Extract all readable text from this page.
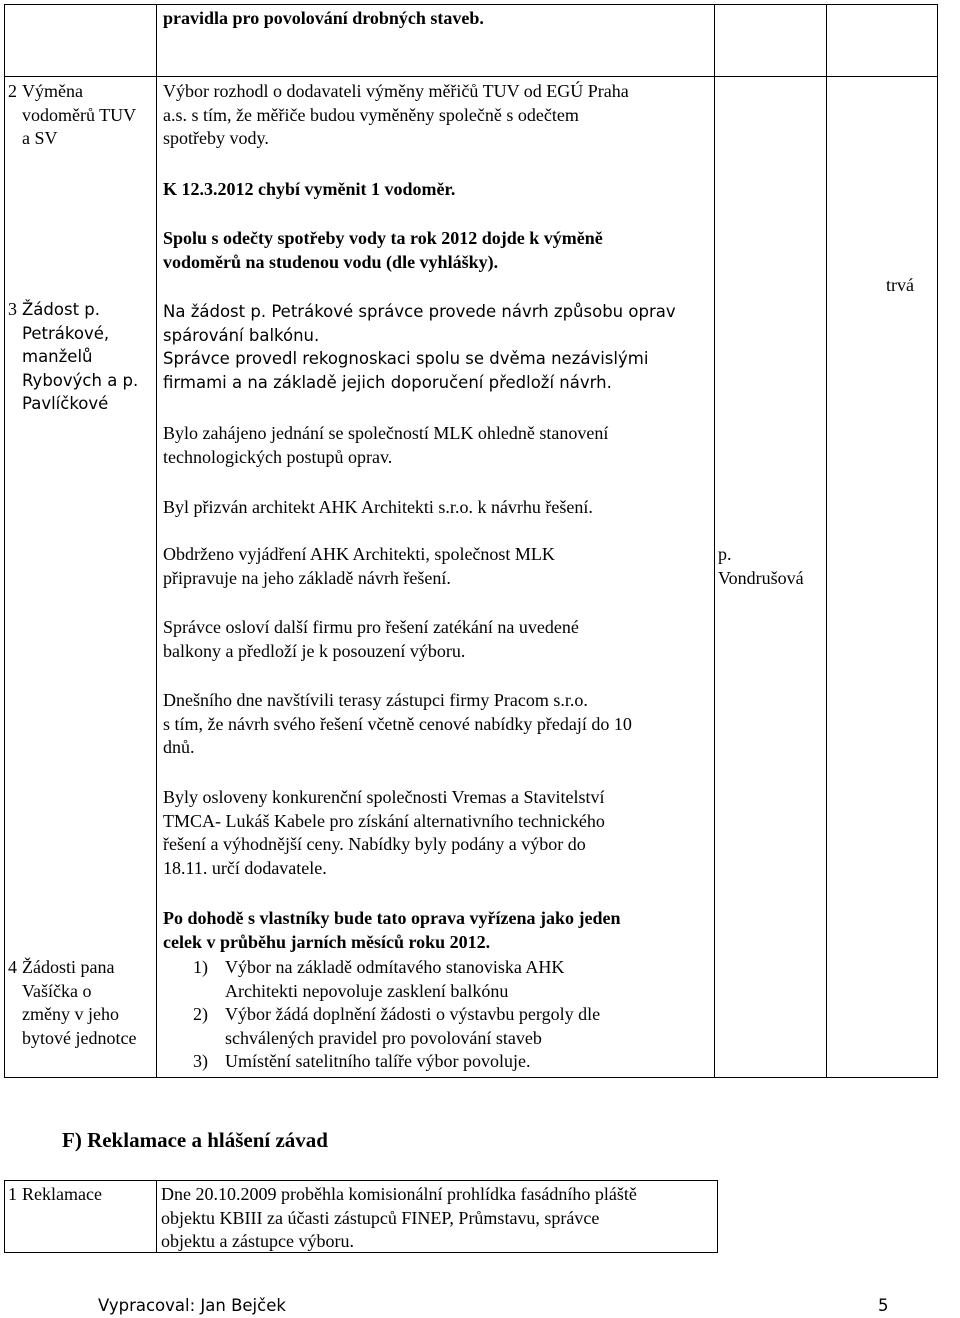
pravidla pro povolování drobných staveb.
2 Výměna
vodoměrů TUV
a SV
Výbor rozhodl o dodavateli výměny měřičů TUV od EGÚ Praha
a.s. s tím, že měřiče budou vyměněny společně s odečtem
spotřeby vody.
K 12.3.2012 chybí vyměnit 1 vodoměr.
Spolu s odečty spotřeby vody ta rok 2012 dojde k výměně
vodoměrů na studenou vodu (dle vyhlášky).
3 Žádost p.
Petrákové,
manželů
Rybových a p.
Pavlíčkové
trvá
Na žádost p. Petrákové správce provede návrh způsobu oprav
spárování balkónu.
Správce provedl rekognoskaci spolu se dvěma nezávislými
firmami a na základě jejich doporučení předloží návrh.
Bylo zahájeno jednání se společností MLK ohledně stanovení
technologických postupů oprav.
Byl přizván architekt AHK Architekti s.r.o. k návrhu řešení.
Obdrženo vyjádření AHK Architekti, společnost MLK
připravuje na jeho základě návrh řešení.
p.
Vondrušová
Správce osloví další firmu pro řešení zatékání na uvedené
balkony a předloží je k posouzení výboru.
Dnešního dne navštívili terasy zástupci firmy Pracom s.r.o.
s tím, že návrh svého řešení včetně cenové nabídky předají do 10
dnů.
Byly osloveny konkurenční společnosti Vremas a Stavitelství
TMCA- Lukáš Kabele pro získání alternativního technického
řešení a výhodnější ceny. Nabídky byly podány a výbor do
18.11. určí dodavatele.
Po dohodě s vlastníky bude tato oprava vyřízena jako jeden
celek v průběhu jarních měsíců roku 2012.
4 Žádosti pana
Vašíčka o
změny v jeho
bytové jednotce
1) Výbor na základě odmítavého stanoviska AHK
Architekti nepovoluje zasklení balkónu
2) Výbor žádá doplnění žádosti o výstavbu pergoly dle
schválených pravidel pro povolování staveb
3) Umístění satelitního talíře výbor povoluje.
F) Reklamace a hlášení závad
1 Reklamace	Dne 20.10.2009 proběhla komisionální prohlídka fasádního pláště
objektu KBIII za účasti zástupců FINEP, Průmstavu, správce
objektu a zástupce výboru.
Vypracoval: Jan Bejček	5
